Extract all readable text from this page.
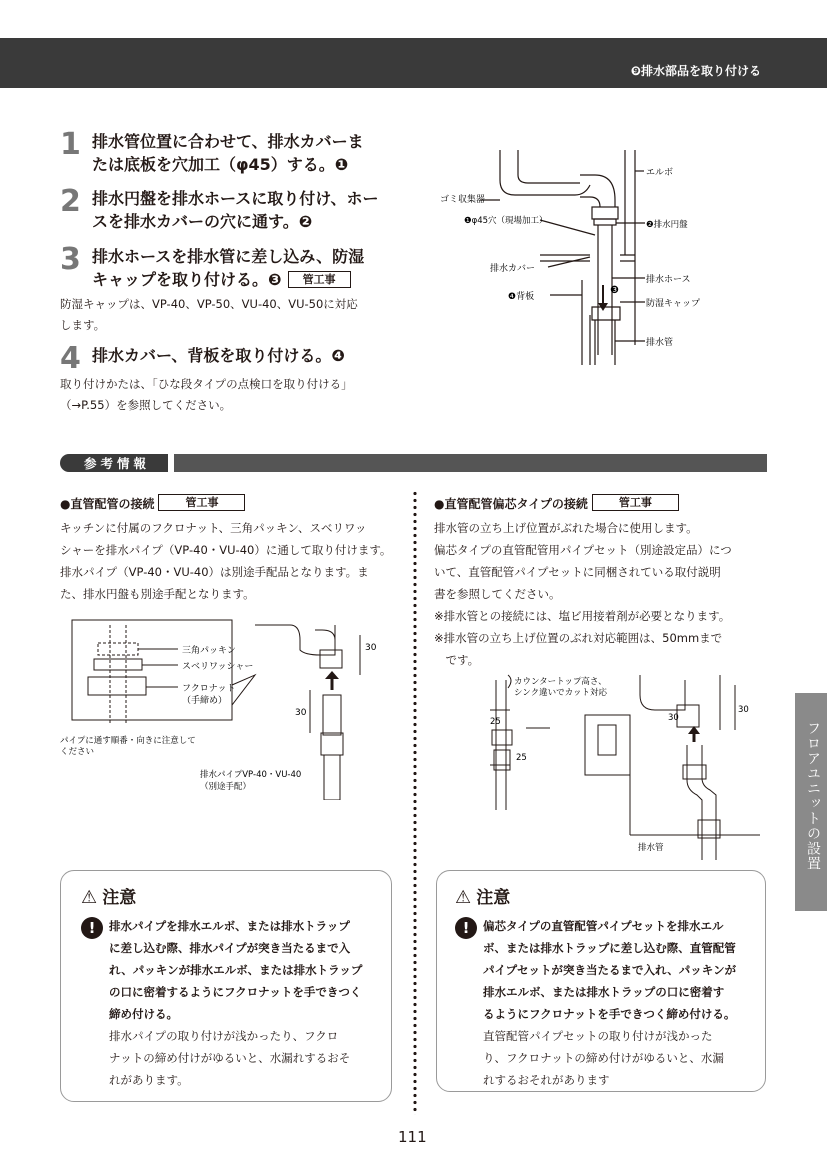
❾排水部品を取り付ける
1 排水管位置に合わせて、排水カバーま
たは底板を穴加工（φ45）する。❶
2 排水円盤を排水ホースに取り付け、ホー
スを排水カバーの穴に通す。❷
3 排水ホースを排水管に差し込み、防湿
キャップを取り付ける。❸ 管工事
防湿キャップは、VP-40、VP-50、VU-40、VU-50に対応
します。
4 排水カバー、背板を取り付ける。❹
取り付けかたは、「ひな段タイプの点検口を取り付ける」
（→P.55）を参照してください。
エルボ
ゴミ収集器
❶φ45穴（現場加工）	❷排水円盤
排水カバー
排水ホース
❹背板
❸
防湿キャップ
排水管
参考情報
●直管配管の接続	管工事
キッチンに付属のフクロナット、三角パッキン、スベリワッ
シャーを排水パイプ（VP-40・VU-40）に通して取り付けます。
排水パイプ（VP-40・VU-40）は別途手配品となります。ま
た、排水円盤も別途手配となります。
三角パッキン
スベリワッシャー
フクロナット
（手締め）
パイプに通す順番・向きに注意して
ください
排水パイプVP-40・VU-40
（別途手配）
30
30
●直管配管偏芯タイプの接続	管工事
排水管の立ち上げ位置がぶれた場合に使用します。
偏芯タイプの直管配管用パイプセット（別途設定品）につ
いて、直管配管パイプセットに同梱されている取付説明
書を参照してください。
※排水管との接続には、塩ビ用接着剤が必要となります。
※排水管の立ち上げ位置のぶれ対応範囲は、50mmまで
　です。
カウンタートップ高さ、
シンク違いでカット対応
25
25
30
30
排水管
⚠ 注意
!	排水パイプを排水エルボ、または排水トラップ
に差し込む際、排水パイプが突き当たるまで入
れ、パッキンが排水エルボ、または排水トラップ
の口に密着するようにフクロナットを手できつく
締め付ける。
排水パイプの取り付けが浅かったり、フクロ
ナットの締め付けがゆるいと、水漏れするおそ
れがあります。
⚠ 注意
!	偏芯タイプの直管配管パイプセットを排水エル
ボ、または排水トラップに差し込む際、直管配管
パイプセットが突き当たるまで入れ、パッキンが
排水エルボ、または排水トラップの口に密着す
るようにフクロナットを手できつく締め付ける。
直管配管パイプセットの取り付けが浅かった
り、フクロナットの締め付けがゆるいと、水漏
れするおそれがあります
フロアユニットの設置
111
